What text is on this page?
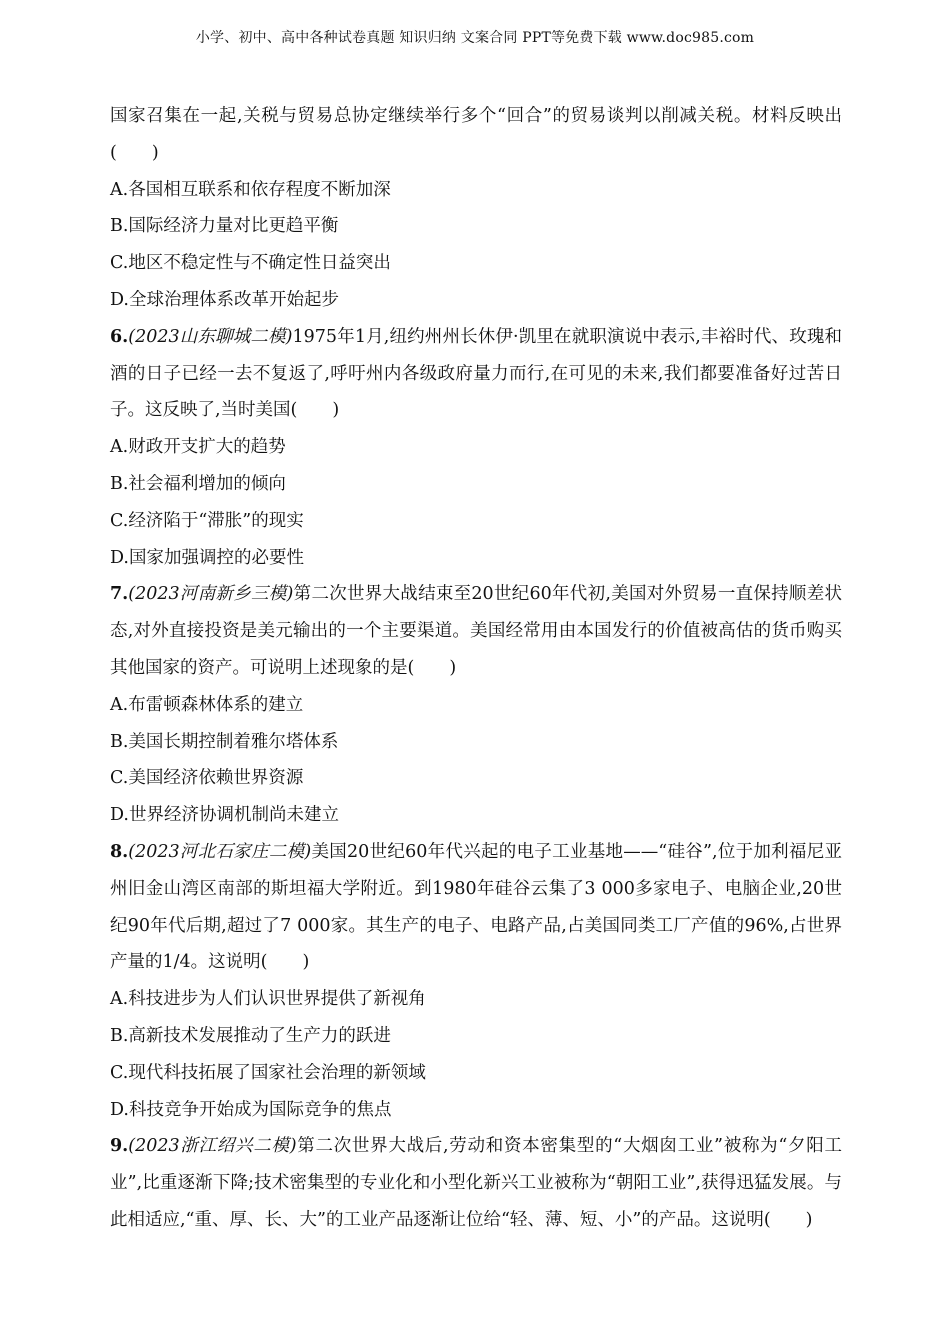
小学、初中、高中各种试卷真题 知识归纳 文案合同 PPT等免费下载 www.doc985.com

国家召集在一起,关税与贸易总协定继续举行多个“回合”的贸易谈判以削减关税。材料反映出(　　)

A.各国相互联系和依存程度不断加深

B.国际经济力量对比更趋平衡

C.地区不稳定性与不确定性日益突出

D.全球治理体系改革开始起步

6.(2023山东聊城二模)1975年1月,纽约州州长休伊·凯里在就职演说中表示,丰裕时代、玫瑰和酒的日子已经一去不复返了,呼吁州内各级政府量力而行,在可见的未来,我们都要准备好过苦日子。这反映了,当时美国(　　)

A.财政开支扩大的趋势

B.社会福利增加的倾向

C.经济陷于“滞胀”的现实

D.国家加强调控的必要性

7.(2023河南新乡三模)第二次世界大战结束至20世纪60年代初,美国对外贸易一直保持顺差状态,对外直接投资是美元输出的一个主要渠道。美国经常用由本国发行的价值被高估的货币购买其他国家的资产。可说明上述现象的是(　　)

A.布雷顿森林体系的建立

B.美国长期控制着雅尔塔体系

C.美国经济依赖世界资源

D.世界经济协调机制尚未建立

8.(2023河北石家庄二模)美国20世纪60年代兴起的电子工业基地——“硅谷”,位于加利福尼亚州旧金山湾区南部的斯坦福大学附近。到1980年硅谷云集了3 000多家电子、电脑企业,20世纪90年代后期,超过了7 000家。其生产的电子、电路产品,占美国同类工厂产值的96%,占世界产量的1/4。这说明(　　)

A.科技进步为人们认识世界提供了新视角

B.高新技术发展推动了生产力的跃进

C.现代科技拓展了国家社会治理的新领域

D.科技竞争开始成为国际竞争的焦点

9.(2023浙江绍兴二模)第二次世界大战后,劳动和资本密集型的“大烟囱工业”被称为“夕阳工业”,比重逐渐下降;技术密集型的专业化和小型化新兴工业被称为“朝阳工业”,获得迅猛发展。与此相适应,“重、厚、长、大”的工业产品逐渐让位给“轻、薄、短、小”的产品。这说明(　　)
